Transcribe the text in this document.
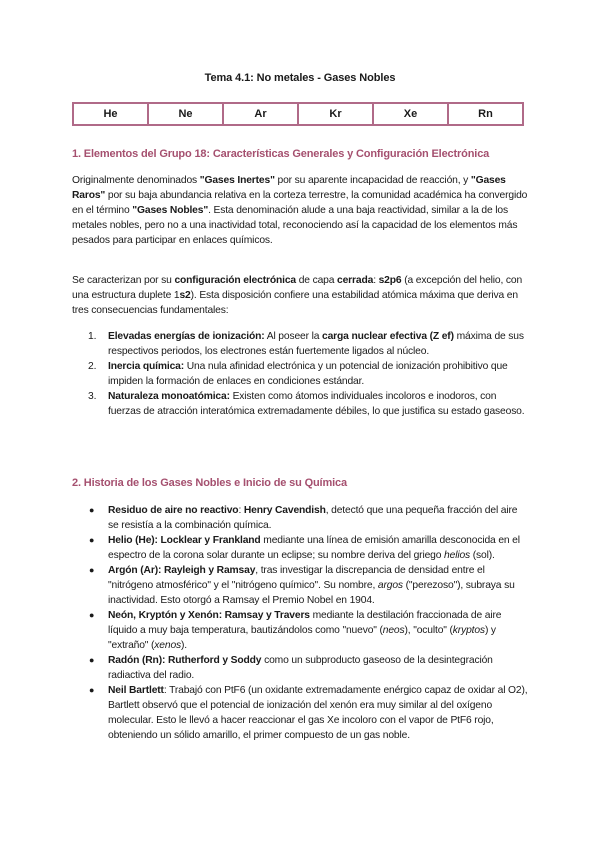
Tema 4.1: No metales - Gases Nobles
He	Ne	Ar	Kr	Xe	Rn
1. Elementos del Grupo 18: Características Generales y Configuración Electrónica

Originalmente denominados "Gases Inertes" por su aparente incapacidad de reacción, y "Gases Raros" por su baja abundancia relativa en la corteza terrestre, la comunidad académica ha convergido en el término "Gases Nobles". Esta denominación alude a una baja reactividad, similar a la de los metales nobles, pero no a una inactividad total, reconociendo así la capacidad de los elementos más pesados para participar en enlaces químicos.

Se caracterizan por su configuración electrónica de capa cerrada: s2p6 (a excepción del helio, con una estructura duplete 1s2). Esta disposición confiere una estabilidad atómica máxima que deriva en tres consecuencias fundamentales:

1.	Elevadas energías de ionización: Al poseer la carga nuclear efectiva (Z ef) máxima de sus respectivos periodos, los electrones están fuertemente ligados al núcleo.
2.	Inercia química: Una nula afinidad electrónica y un potencial de ionización prohibitivo que impiden la formación de enlaces en condiciones estándar.
3.	Naturaleza monoatómica: Existen como átomos individuales incoloros e inodoros, con fuerzas de atracción interatómica extremadamente débiles, lo que justifica su estado gaseoso.
2. Historia de los Gases Nobles e Inicio de su Química
● Residuo de aire no reactivo: Henry Cavendish, detectó que una pequeña fracción del aire se resistía a la combinación química.
● Helio (He): Locklear y Frankland mediante una línea de emisión amarilla desconocida en el espectro de la corona solar durante un eclipse; su nombre deriva del griego helios (sol).
● Argón (Ar): Rayleigh y Ramsay, tras investigar la discrepancia de densidad entre el "nitrógeno atmosférico" y el "nitrógeno químico". Su nombre, argos ("perezoso"), subraya su inactividad. Esto otorgó a Ramsay el Premio Nobel en 1904.
● Neón, Kryptón y Xenón: Ramsay y Travers mediante la destilación fraccionada de aire líquido a muy baja temperatura, bautizándolos como "nuevo" (neos), "oculto" (kryptos) y "extraño" (xenos).
● Radón (Rn): Rutherford y Soddy como un subproducto gaseoso de la desintegración radiactiva del radio.
● Neil Bartlett: Trabajó con PtF6 (un oxidante extremadamente enérgico capaz de oxidar al O2), Bartlett observó que el potencial de ionización del xenón era muy similar al del oxígeno molecular. Esto le llevó a hacer reaccionar el gas Xe incoloro con el vapor de PtF6 rojo, obteniendo un sólido amarillo, el primer compuesto de un gas noble.
